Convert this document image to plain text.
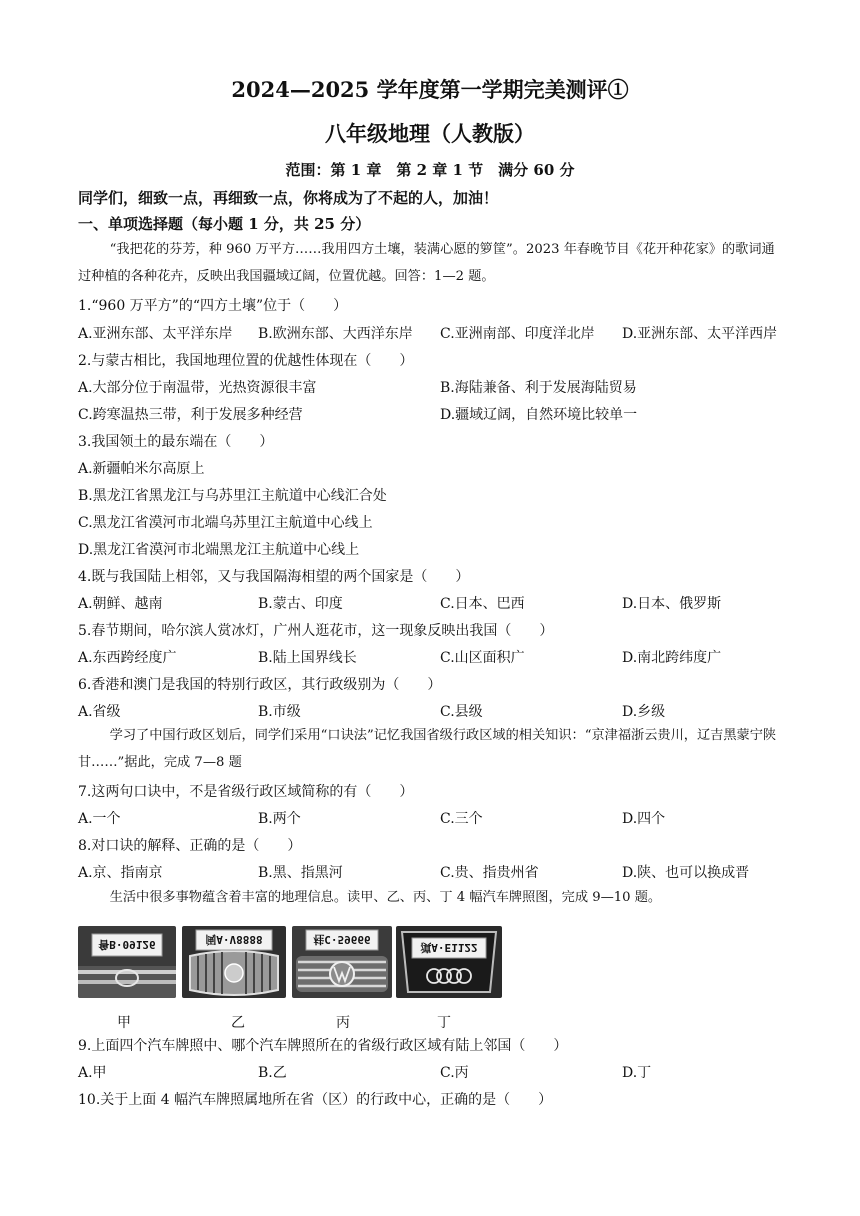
2024—2025 学年度第一学期完美测评①
八年级地理（人教版）
范围：第 1 章　第 2 章 1 节　满分 60 分
同学们，细致一点，再细致一点，你将成为了不起的人，加油！
一、单项选择题（每小题 1 分，共 25 分）
“我把花的芬芳，种 960 万平方……我用四方土壤，装满心愿的箩筐”。2023 年春晚节目《花开种花家》的歌词通过种植的各种花卉，反映出我国疆域辽阔，位置优越。回答：1—2 题。
1.“960 万平方”的“四方土壤”位于（　　）
A.亚洲东部、太平洋东岸 B.欧洲东部、大西洋东岸 C.亚洲南部、印度洋北岸 D.亚洲东部、太平洋西岸
2.与蒙古相比，我国地理位置的优越性体现在（　　）
A.大部分位于南温带，光热资源很丰富	B.海陆兼备、利于发展海陆贸易
C.跨寒温热三带，利于发展多种经营	D.疆域辽阔，自然环境比较单一
3.我国领土的最东端在（　　）
A.新疆帕米尔高原上
B.黑龙江省黑龙江与乌苏里江主航道中心线汇合处
C.黑龙江省漠河市北端乌苏里江主航道中心线上
D.黑龙江省漠河市北端黑龙江主航道中心线上
4.既与我国陆上相邻，又与我国隔海相望的两个国家是（　　）
A.朝鲜、越南	B.蒙古、印度	C.日本、巴西	D.日本、俄罗斯
5.春节期间，哈尔滨人赏冰灯，广州人逛花市，这一现象反映出我国（　　）
A.东西跨经度广	B.陆上国界线长	C.山区面积广	D.南北跨纬度广
6.香港和澳门是我国的特别行政区，其行政级别为（　　）
A.省级	B.市级	C.县级	D.乡级
学习了中国行政区划后，同学们采用“口诀法”记忆我国省级行政区域的相关知识：“京津福浙云贵川，辽吉黑蒙宁陕甘……”据此，完成 7—8 题
7.这两句口诀中，不是省级行政区域简称的有（　　）
A.一个	B.两个	C.三个	D.四个
8.对口诀的解释、正确的是（　　）
A.京、指南京	B.黑、指黑河	C.贵、指贵州省	D.陕、也可以换成晋
生活中很多事物蕴含着丰富的地理信息。读甲、乙、丙、丁 4 幅汽车牌照图，完成 9—10 题。
鲁B·09126	闽A·V8888	桂C·59666
滇A·E1122
甲	乙	丙	丁
9.上面四个汽车牌照中、哪个汽车牌照所在的省级行政区域有陆上邻国（　　）
A.甲	B.乙	C.丙	D.丁
10.关于上面 4 幅汽车牌照属地所在省（区）的行政中心，正确的是（　　）
